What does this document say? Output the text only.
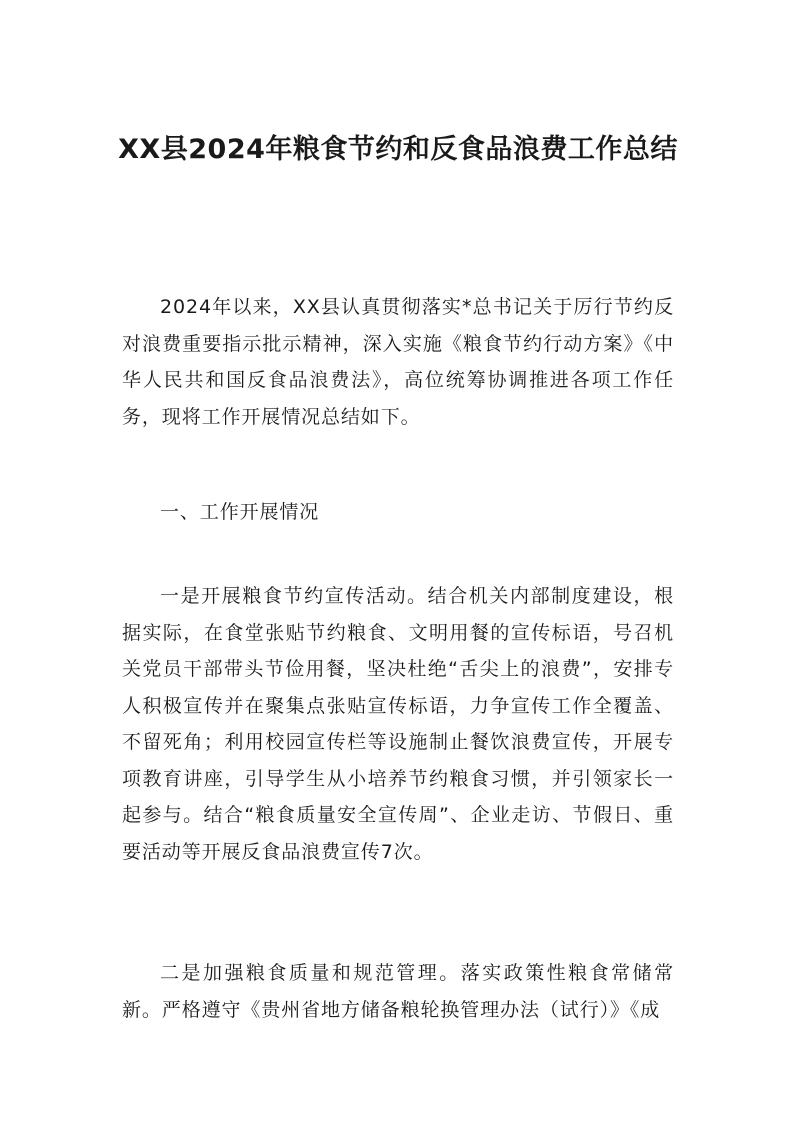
XX县2024年粮食节约和反食品浪费工作总结

2024年以来，XX县认真贯彻落实*总书记关于厉行节约反对浪费重要指示批示精神，深入实施《粮食节约行动方案》《中华人民共和国反食品浪费法》，高位统筹协调推进各项工作任务，现将工作开展情况总结如下。

一、工作开展情况

一是开展粮食节约宣传活动。结合机关内部制度建设，根据实际，在食堂张贴节约粮食、文明用餐的宣传标语，号召机关党员干部带头节俭用餐，坚决杜绝“舌尖上的浪费”，安排专人积极宣传并在聚集点张贴宣传标语，力争宣传工作全覆盖、不留死角；利用校园宣传栏等设施制止餐饮浪费宣传，开展专项教育讲座，引导学生从小培养节约粮食习惯，并引领家长一起参与。结合“粮食质量安全宣传周”、企业走访、节假日、重要活动等开展反食品浪费宣传7次。

二是加强粮食质量和规范管理。落实政策性粮食常储常新。严格遵守《贵州省地方储备粮轮换管理办法（试行）》《成
